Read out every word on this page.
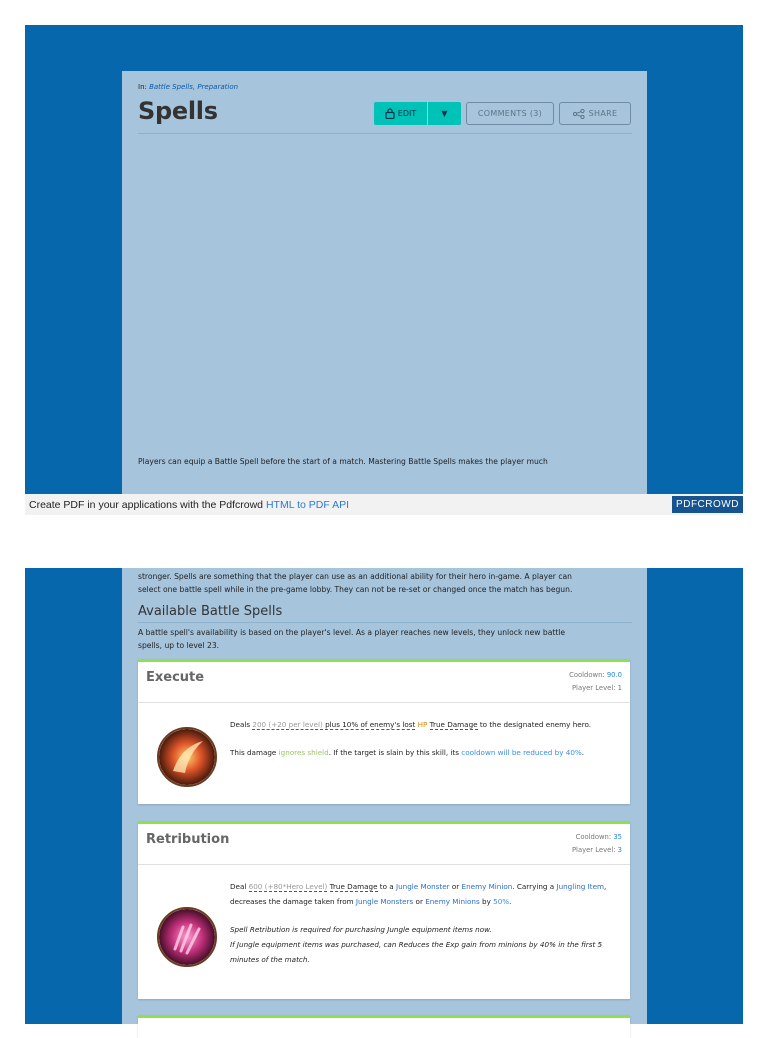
In: Battle Spells, Preparation
Spells	EDIT	▼	COMMENTS (3)	SHARE
Players can equip a Battle Spell before the start of a match. Mastering Battle Spells makes the player much
Create PDF in your applications with the Pdfcrowd HTML to PDF API	PDFCROWD
stronger. Spells are something that the player can use as an additional ability for their hero in-game. A player can
select one battle spell while in the pre-game lobby. They can not be re-set or changed once the match has begun.
Available Battle Spells
A battle spell's availability is based on the player's level. As a player reaches new levels, they unlock new battle
spells, up to level 23.
Execute	Cooldown: 90.0
Player Level: 1
Deals 200 (+20 per level) plus 10% of enemy's lost HP True Damage to the designated enemy hero.
This damage ignores shield. If the target is slain by this skill, its cooldown will be reduced by 40%.
Retribution	Cooldown: 35
Player Level: 3
Deal 600 (+80*Hero Level) True Damage to a Jungle Monster or Enemy Minion. Carrying a Jungling Item, decreases the damage taken from Jungle Monsters or Enemy Minions by 50%.
Spell Retribution is required for purchasing Jungle equipment items now.
If Jungle equipment items was purchased, can Reduces the Exp gain from minions by 40% in the first 5 minutes of the match.
